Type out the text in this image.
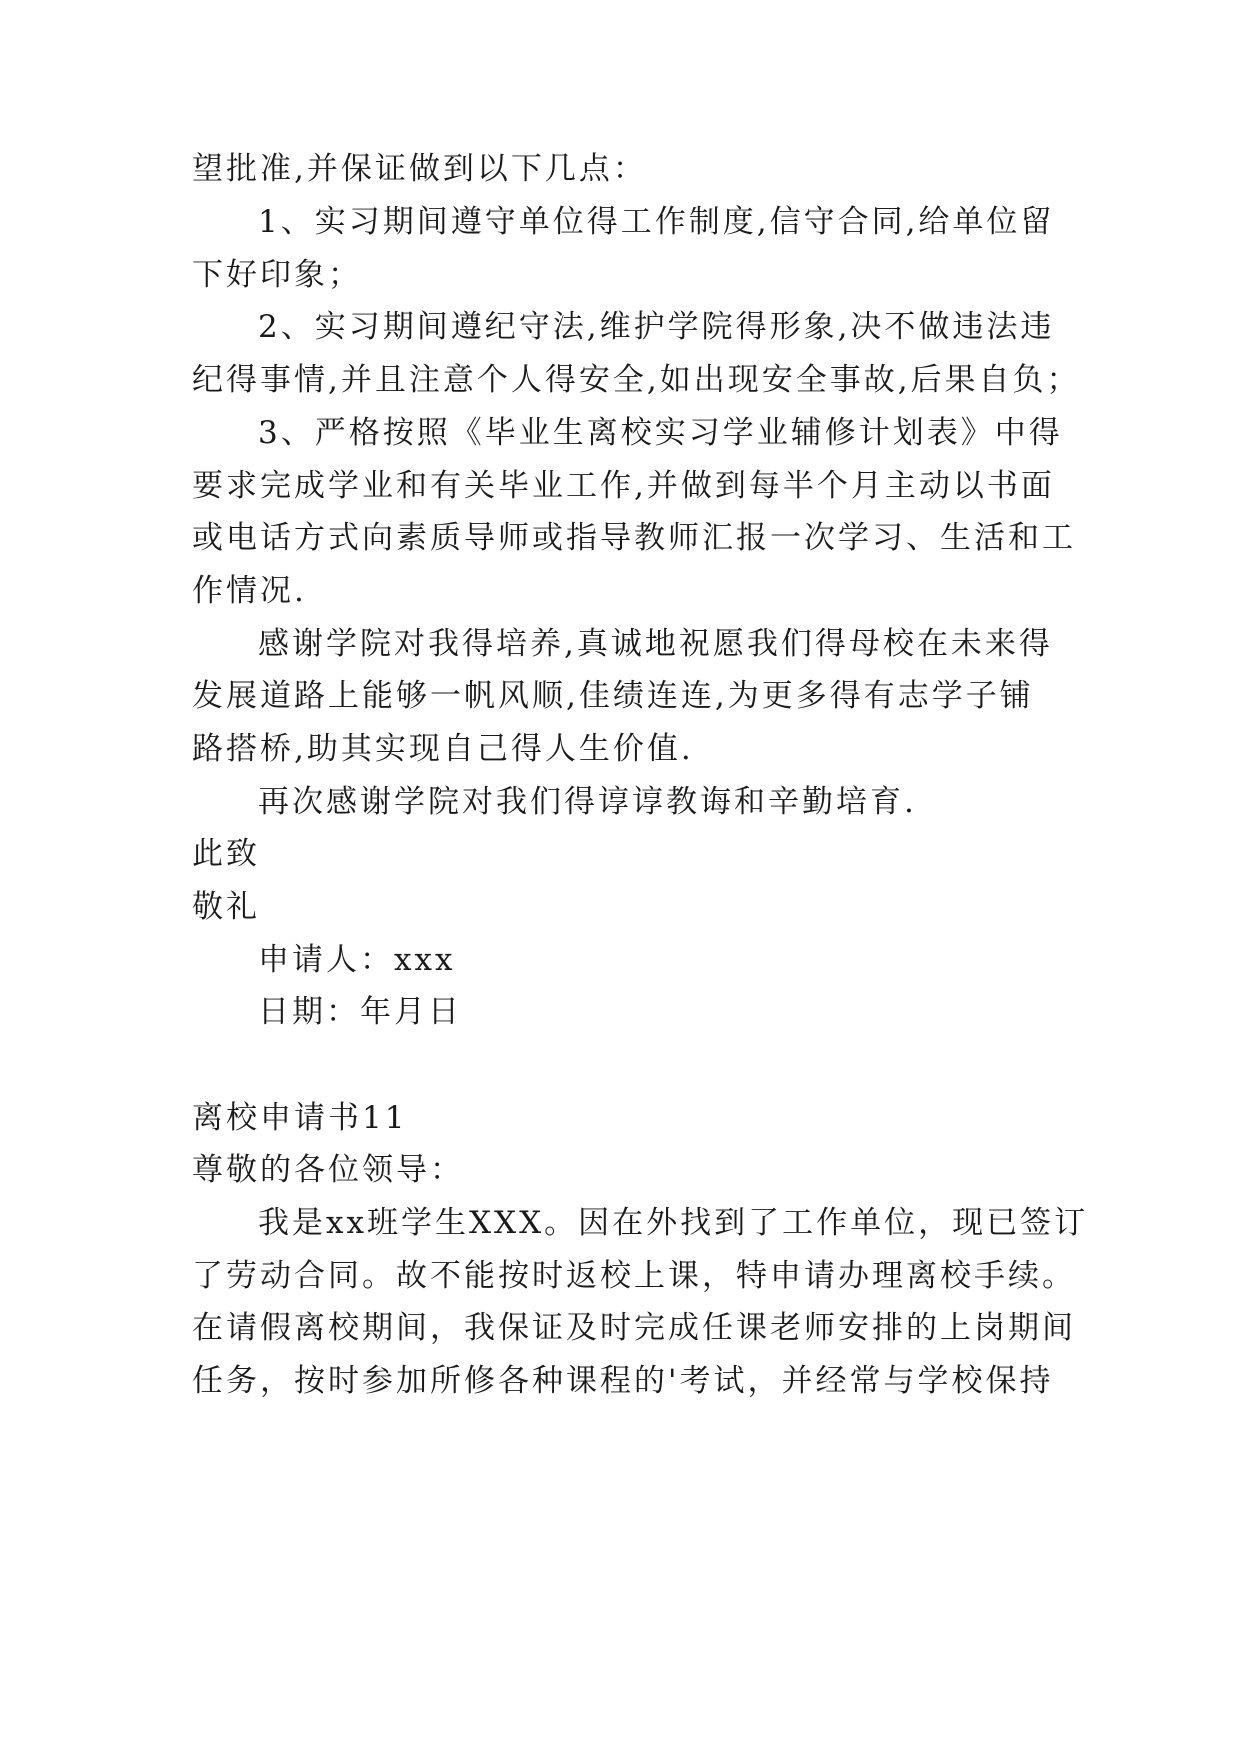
望批准,并保证做到以下几点：
1、实习期间遵守单位得工作制度,信守合同,给单位留
下好印象；
2、实习期间遵纪守法,维护学院得形象,决不做违法违
纪得事情,并且注意个人得安全,如出现安全事故,后果自负；
3、严格按照《毕业生离校实习学业辅修计划表》中得
要求完成学业和有关毕业工作,并做到每半个月主动以书面
或电话方式向素质导师或指导教师汇报一次学习、生活和工
作情况.
感谢学院对我得培养,真诚地祝愿我们得母校在未来得
发展道路上能够一帆风顺,佳绩连连,为更多得有志学子铺
路搭桥,助其实现自己得人生价值.
再次感谢学院对我们得谆谆教诲和辛勤培育.
此致
敬礼
申请人：xxx
日期：年月日
离校申请书11
尊敬的各位领导：
我是xx班学生XXX。因在外找到了工作单位，现已签订
了劳动合同。故不能按时返校上课，特申请办理离校手续。
在请假离校期间，我保证及时完成任课老师安排的上岗期间
任务，按时参加所修各种课程的'考试，并经常与学校保持
